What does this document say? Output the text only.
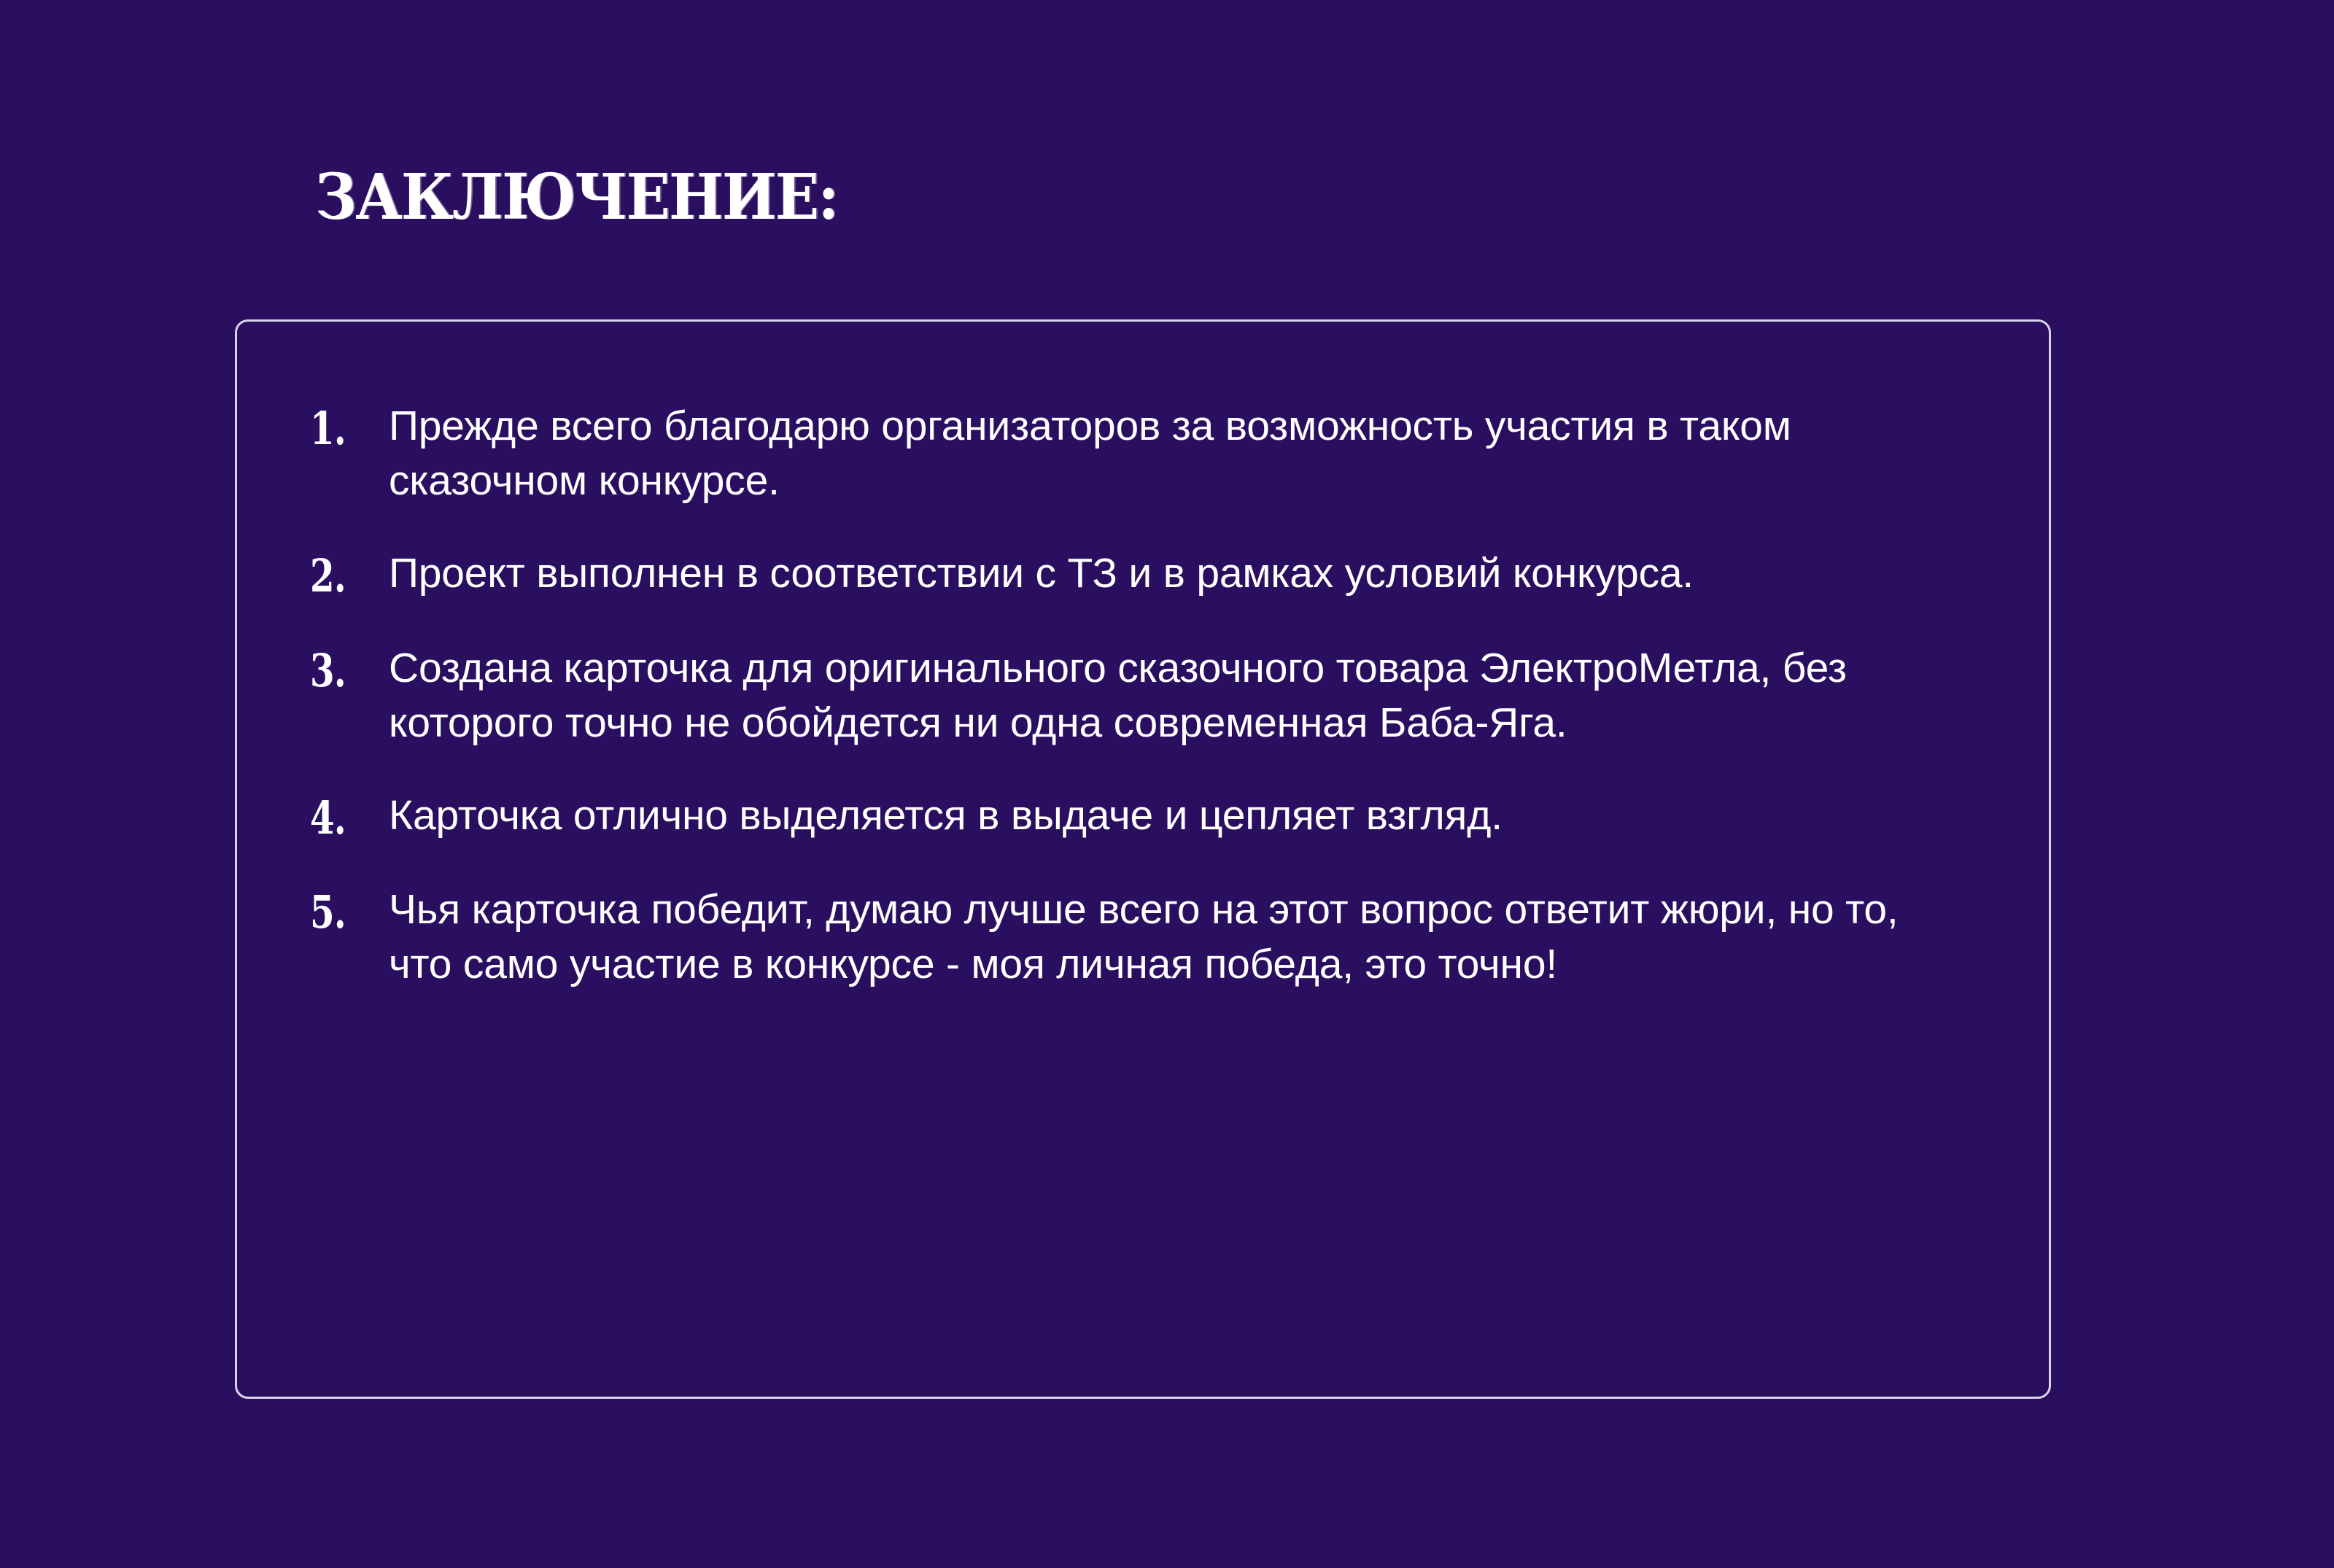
ЗАКЛЮЧЕНИЕ:
1.	Прежде всего благодарю организаторов за возможность участия в таком сказочном конкурсе.
2.	Проект выполнен в соответствии с ТЗ и в рамках условий конкурса.
3.	Создана карточка для оригинального сказочного товара ЭлектроМетла, без которого точно не обойдется ни одна современная Баба-Яга.
4.	Карточка отлично выделяется в выдаче и цепляет взгляд.
5.	Чья карточка победит, думаю лучше всего на этот вопрос ответит жюри, но то, что само участие в конкурсе - моя личная победа, это точно!
